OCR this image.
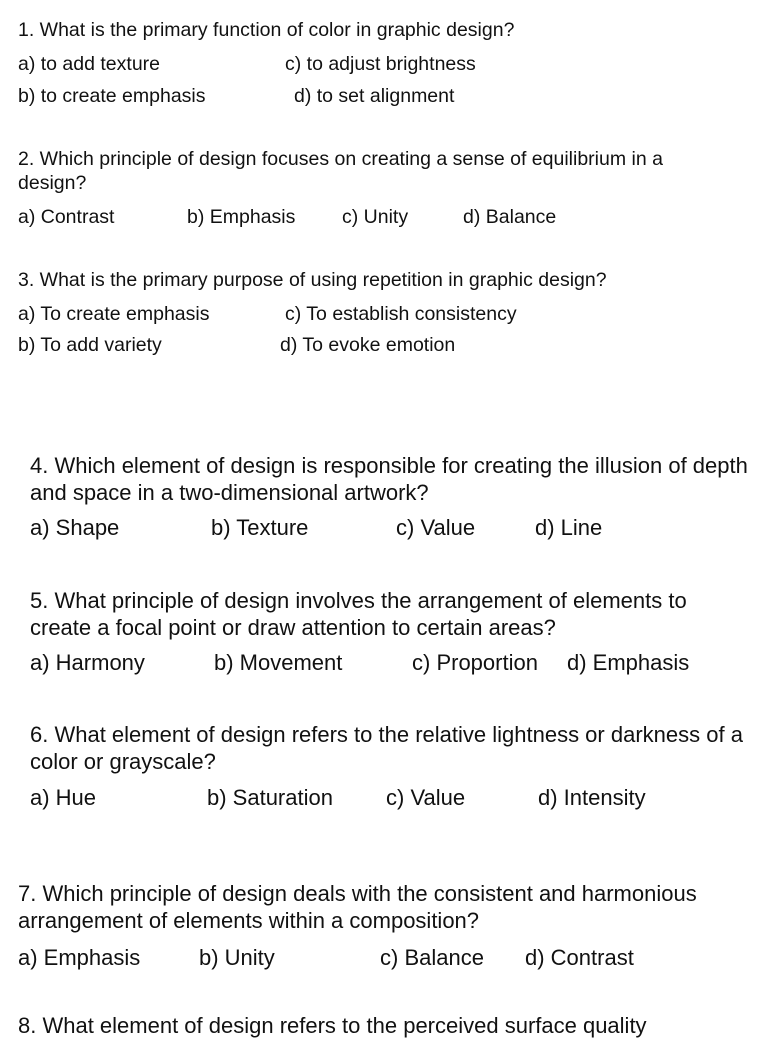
1. What is the primary function of color in graphic design?

a) to add texture
b) to create emphasis
c) to adjust brightness
d) to set alignment

2. Which principle of design focuses on creating a sense of equilibrium in a design?

a) Contrast	b) Emphasis c) Unity	d) Balance

3. What is the primary purpose of using repetition in graphic design?

a) To create emphasis
b) To add variety
c) To establish consistency
d) To evoke emotion

4. Which element of design is responsible for creating the illusion of depth and space in a two-dimensional artwork?

a) Shape	b) Texture	c) Value	d) Line

5. What principle of design involves the arrangement of elements to create a focal point or draw attention to certain areas?

a) Harmony	b) Movement	c) Proportion d) Emphasis

6. What element of design refers to the relative lightness or darkness of a color or grayscale?

a) Hue	b) Saturation c) Value	d) Intensity

7. Which principle of design deals with the consistent and harmonious arrangement of elements within a composition?

a) Emphasis	b) Unity	c) Balance d) Contrast

8. What element of design refers to the perceived surface quality
